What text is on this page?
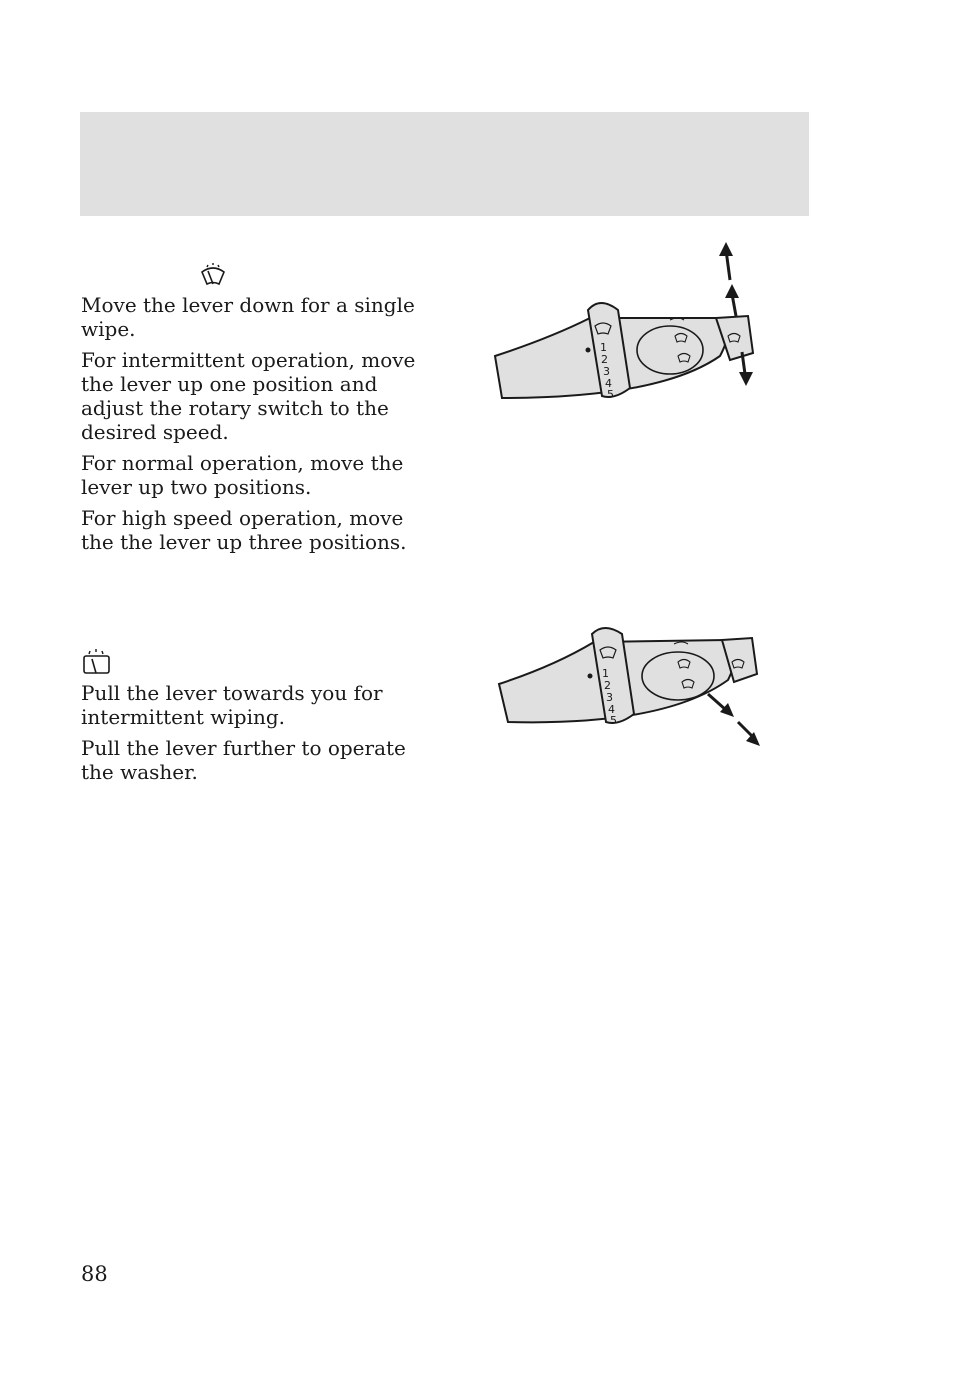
Move the lever down for a single wipe.

For intermittent operation, move the lever up one position and adjust the rotary switch to the desired speed.

For normal operation, move the lever up two positions.

For high speed operation, move the the lever up three positions.

1
2
3
4
5

Pull the lever towards you for intermittent wiping.

Pull the lever further to operate the washer.

1
2
3
4
5
88
